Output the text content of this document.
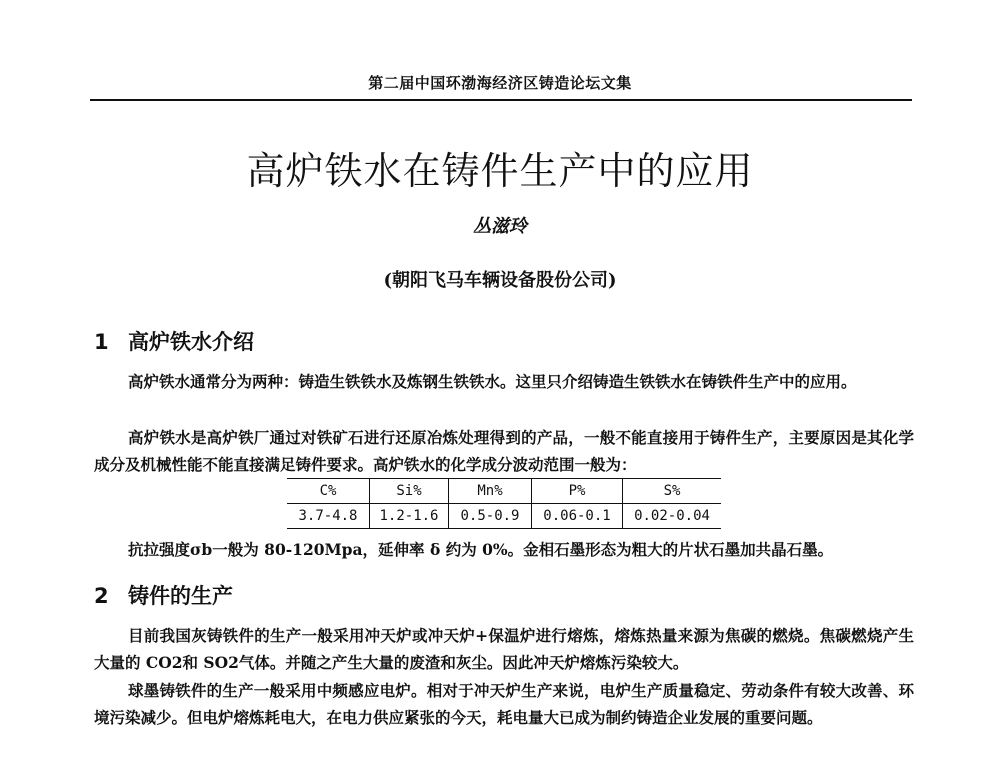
第二届中国环渤海经济区铸造论坛文集
高炉铁水在铸件生产中的应用
丛滋玲
(朝阳飞马车辆设备股份公司)
1 高炉铁水介绍

高炉铁水通常分为两种：铸造生铁铁水及炼钢生铁铁水。这里只介绍铸造生铁铁水在铸铁件生产中的应用。

高炉铁水是高炉铁厂通过对铁矿石进行还原冶炼处理得到的产品，一般不能直接用于铸件生产，主要原因是其化学成分及机械性能不能直接满足铸件要求。高炉铁水的化学成分波动范围一般为：

C%	Si%	Mn%	P%	S%
3.7-4.8	1.2-1.6	0.5-0.9	0.06-0.1	0.02-0.04

抗拉强度σb一般为 80-120Mpa，延伸率 δ 约为 0%。金相石墨形态为粗大的片状石墨加共晶石墨。

2 铸件的生产

目前我国灰铸铁件的生产一般采用冲天炉或冲天炉+保温炉进行熔炼，熔炼热量来源为焦碳的燃烧。焦碳燃烧产生大量的 CO2和 SO2气体。并随之产生大量的废渣和灰尘。因此冲天炉熔炼污染较大。

球墨铸铁件的生产一般采用中频感应电炉。相对于冲天炉生产来说，电炉生产质量稳定、劳动条件有较大改善、环境污染减少。但电炉熔炼耗电大，在电力供应紧张的今天，耗电量大已成为制约铸造企业发展的重要问题。
